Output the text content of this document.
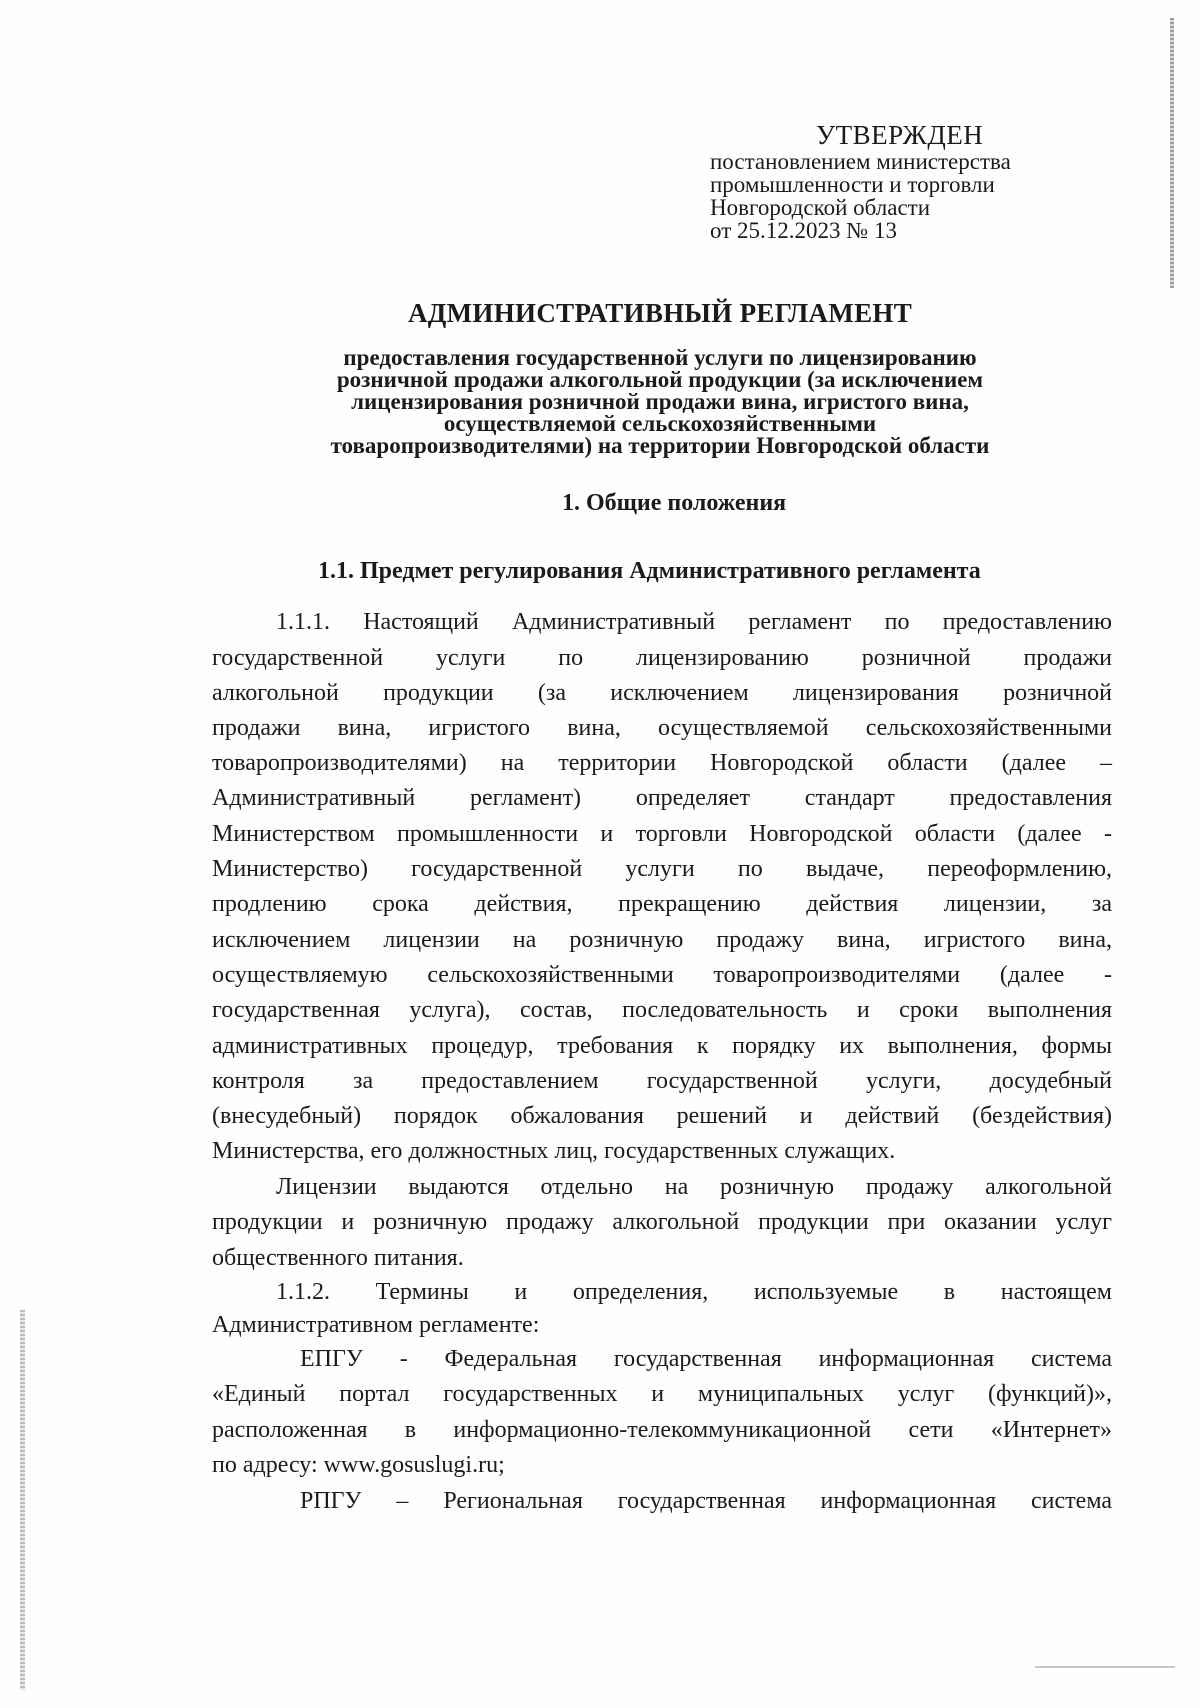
УТВЕРЖДЕН
постановлением министерства
промышленности и торговли
Новгородской области
от 25.12.2023 № 13
АДМИНИСТРАТИВНЫЙ РЕГЛАМЕНТ
предоставления государственной услуги по лицензированию
розничной продажи алкогольной продукции (за исключением
лицензирования розничной продажи вина, игристого вина,
осуществляемой сельскохозяйственными
товаропроизводителями) на территории Новгородской области
1. Общие положения
1.1. Предмет регулирования Административного регламента
1.1.1. Настоящий Административный регламент по предоставлению
государственной услуги по лицензированию розничной продажи
алкогольной продукции (за исключением лицензирования розничной
продажи вина, игристого вина, осуществляемой сельскохозяйственными
товаропроизводителями) на территории Новгородской области (далее –
Административный регламент) определяет стандарт предоставления
Министерством промышленности и торговли Новгородской области (далее -
Министерство) государственной услуги по выдаче, переоформлению,
продлению срока действия, прекращению действия лицензии, за
исключением лицензии на розничную продажу вина, игристого вина,
осуществляемую сельскохозяйственными товаропроизводителями (далее -
государственная услуга), состав, последовательность и сроки выполнения
административных процедур, требования к порядку их выполнения, формы
контроля за предоставлением государственной услуги, досудебный
(внесудебный) порядок обжалования решений и действий (бездействия)
Министерства, его должностных лиц, государственных служащих.
Лицензии выдаются отдельно на розничную продажу алкогольной
продукции и розничную продажу алкогольной продукции при оказании услуг
общественного питания.
1.1.2. Термины и определения, используемые в настоящем
Административном регламенте:
ЕПГУ - Федеральная государственная информационная система
«Единый портал государственных и муниципальных услуг (функций)»,
расположенная в информационно-телекоммуникационной сети «Интернет»
по адресу: www.gosuslugi.ru;
РПГУ – Региональная государственная информационная система
